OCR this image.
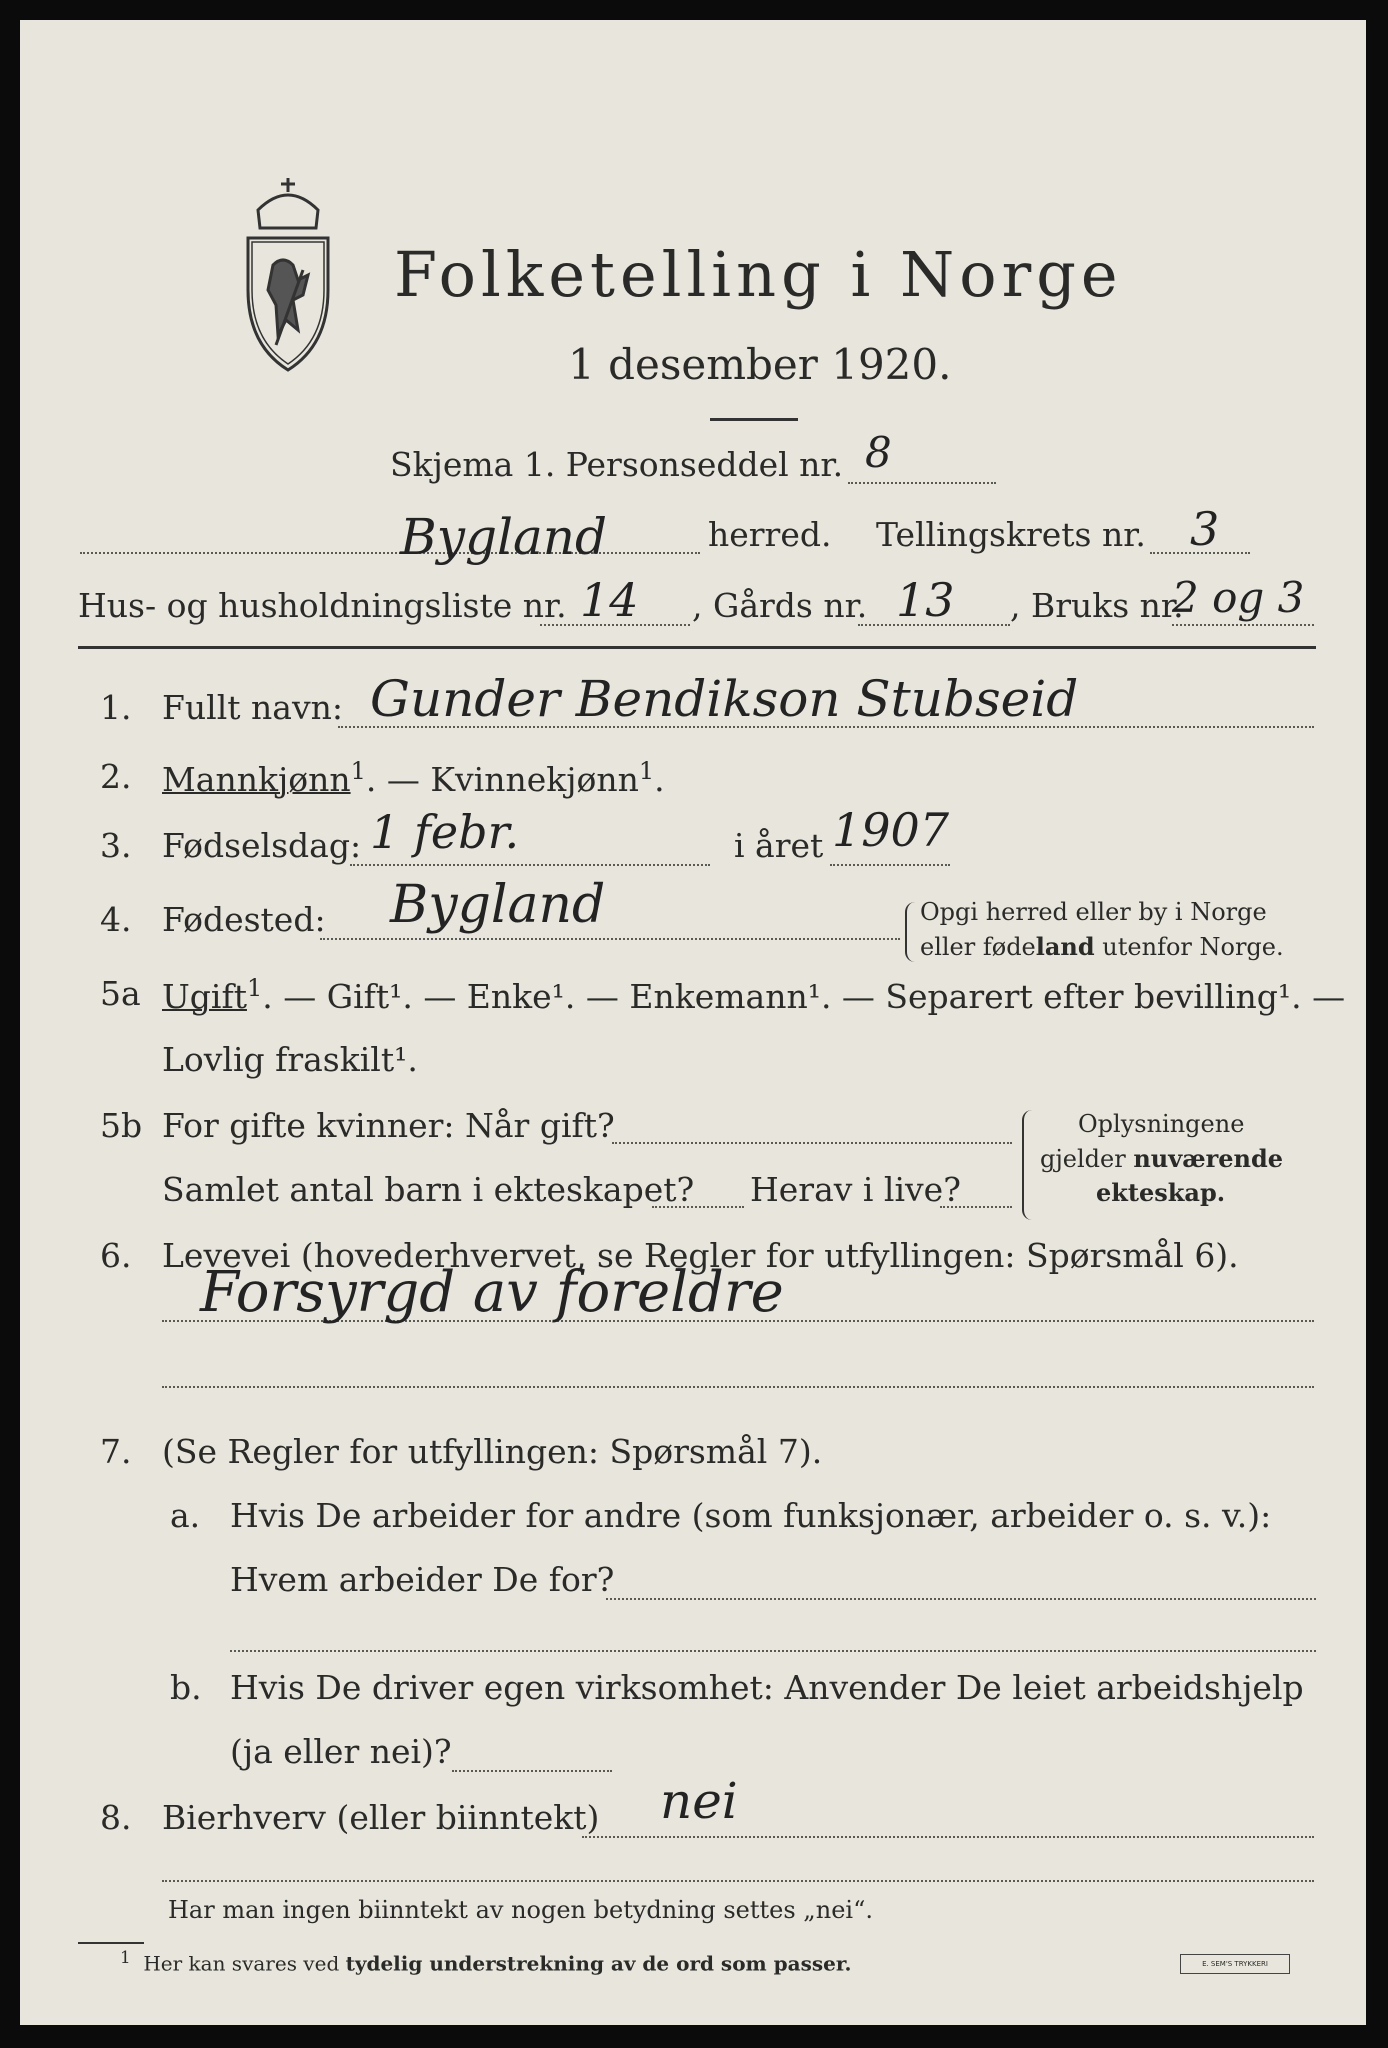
Folketelling i Norge
1 desember 1920.
Skjema 1. Personseddel nr. 8
Bygland	herred. Tellingskrets nr. 3
Hus- og husholdningsliste nr. 14 , Gårds nr. 13 , Bruks nr.
2 og 3
1. Fullt navn: Gunder Bendikson Stubseid
2. Mannkjønn$^1$. — Kvinnekjønn$^1$.
3. Fødselsdag: 1 febr.	i året 1907
4. Fødested: Bygland	Opgi herred eller by i Norge
eller fødeland utenfor Norge.
5a Ugift$^1$. — Gift¹. — Enke¹. — Enkemann¹. — Separert efter bevilling¹. —
Lovlig fraskilt¹.
5b For gifte kvinner: Når gift?
Samlet antal barn i ekteskapet? Herav i live?
Oplysningene
gjelder nuværende
ekteskap.
6. Levevei (hovederhvervet, se Regler for utfyllingen: Spørsmål 6).
Forsyrgd av foreldre
7. (Se Regler for utfyllingen: Spørsmål 7).
a. Hvis De arbeider for andre (som funksjonær, arbeider o. s. v.):
Hvem arbeider De for?
b. Hvis De driver egen virksomhet: Anvender De leiet arbeidshjelp
(ja eller nei)?
8. Bierhverv (eller biinntekt) nei
Har man ingen biinntekt av nogen betydning settes „nei“.
$^1$ Her kan svares ved tydelig understrekning av de ord som passer.	E. SEM'S TRYKKERI
